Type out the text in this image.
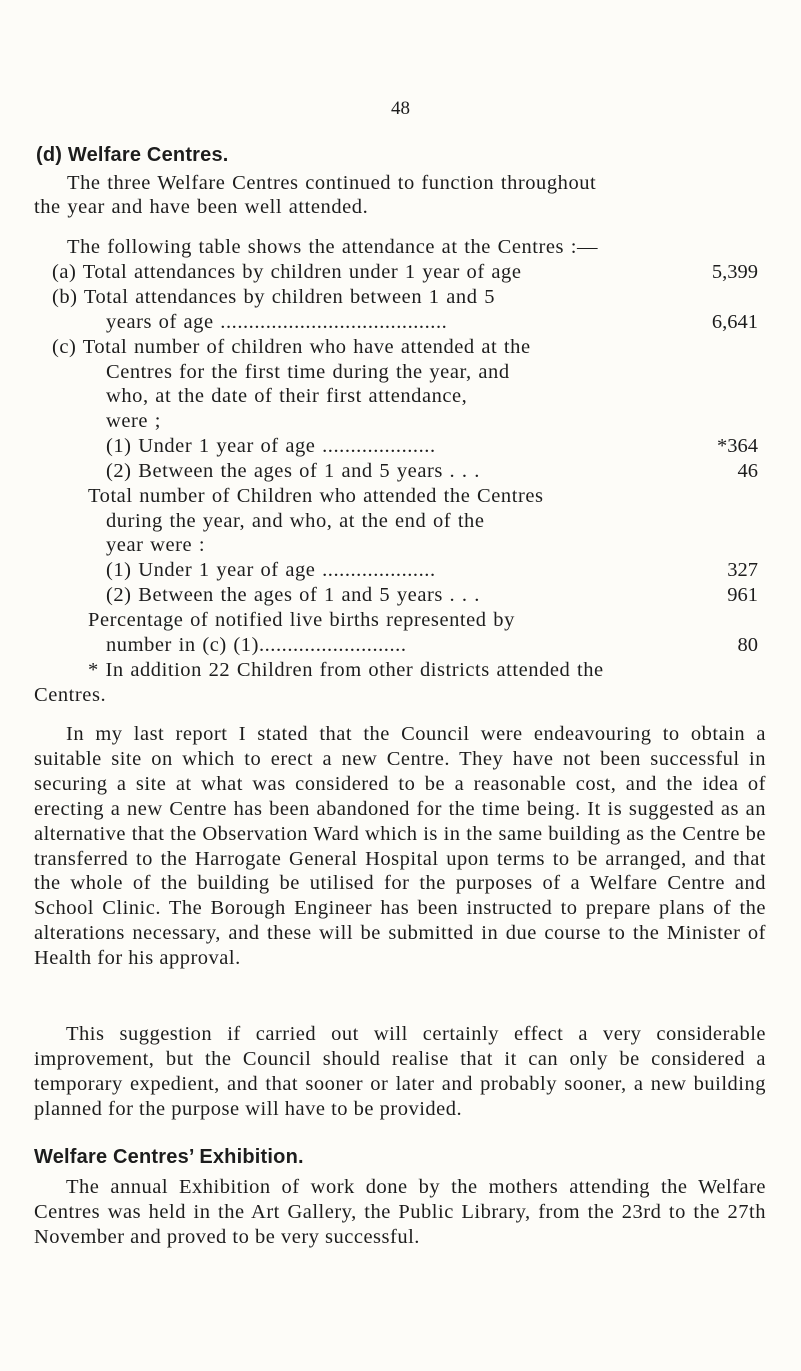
48
(d) Welfare Centres.
The three Welfare Centres continued to function throughout
the year and have been well attended.
The following table shows the attendance at the Centres :—
(a) Total attendances by children under 1 year of age	5,399
(b) Total attendances by children between 1 and 5
years of age ........................................	6,641
(c) Total number of children who have attended at the
Centres for the first time during the year, and
who, at the date of their first attendance,
were ;
(1) Under 1 year of age ....................	*364
(2) Between the ages of 1 and 5 years . . .	46
Total number of Children who attended the Centres
during the year, and who, at the end of the
year were :
(1) Under 1 year of age ....................	327
(2) Between the ages of 1 and 5 years . . .	961
Percentage of notified live births represented by
number in (c) (1)..........................	80
* In addition 22 Children from other districts attended the
Centres.
In my last report I stated that the Council were endeavouring to obtain a suitable site on which to erect a new Centre. They have not been successful in securing a site at what was considered to be a reasonable cost, and the idea of erecting a new Centre has been abandoned for the time being. It is suggested as an alternative that the Observation Ward which is in the same building as the Centre be transferred to the Harrogate General Hospital upon terms to be arranged, and that the whole of the building be utilised for the purposes of a Welfare Centre and School Clinic. The Borough Engineer has been instructed to prepare plans of the alterations necessary, and these will be submitted in due course to the Minister of Health for his approval.
This suggestion if carried out will certainly effect a very considerable improvement, but the Council should realise that it can only be considered a temporary expedient, and that sooner or later and probably sooner, a new building planned for the purpose will have to be provided.
Welfare Centres’ Exhibition.
The annual Exhibition of work done by the mothers attending the Welfare Centres was held in the Art Gallery, the Public Library, from the 23rd to the 27th November and proved to be very successful.
